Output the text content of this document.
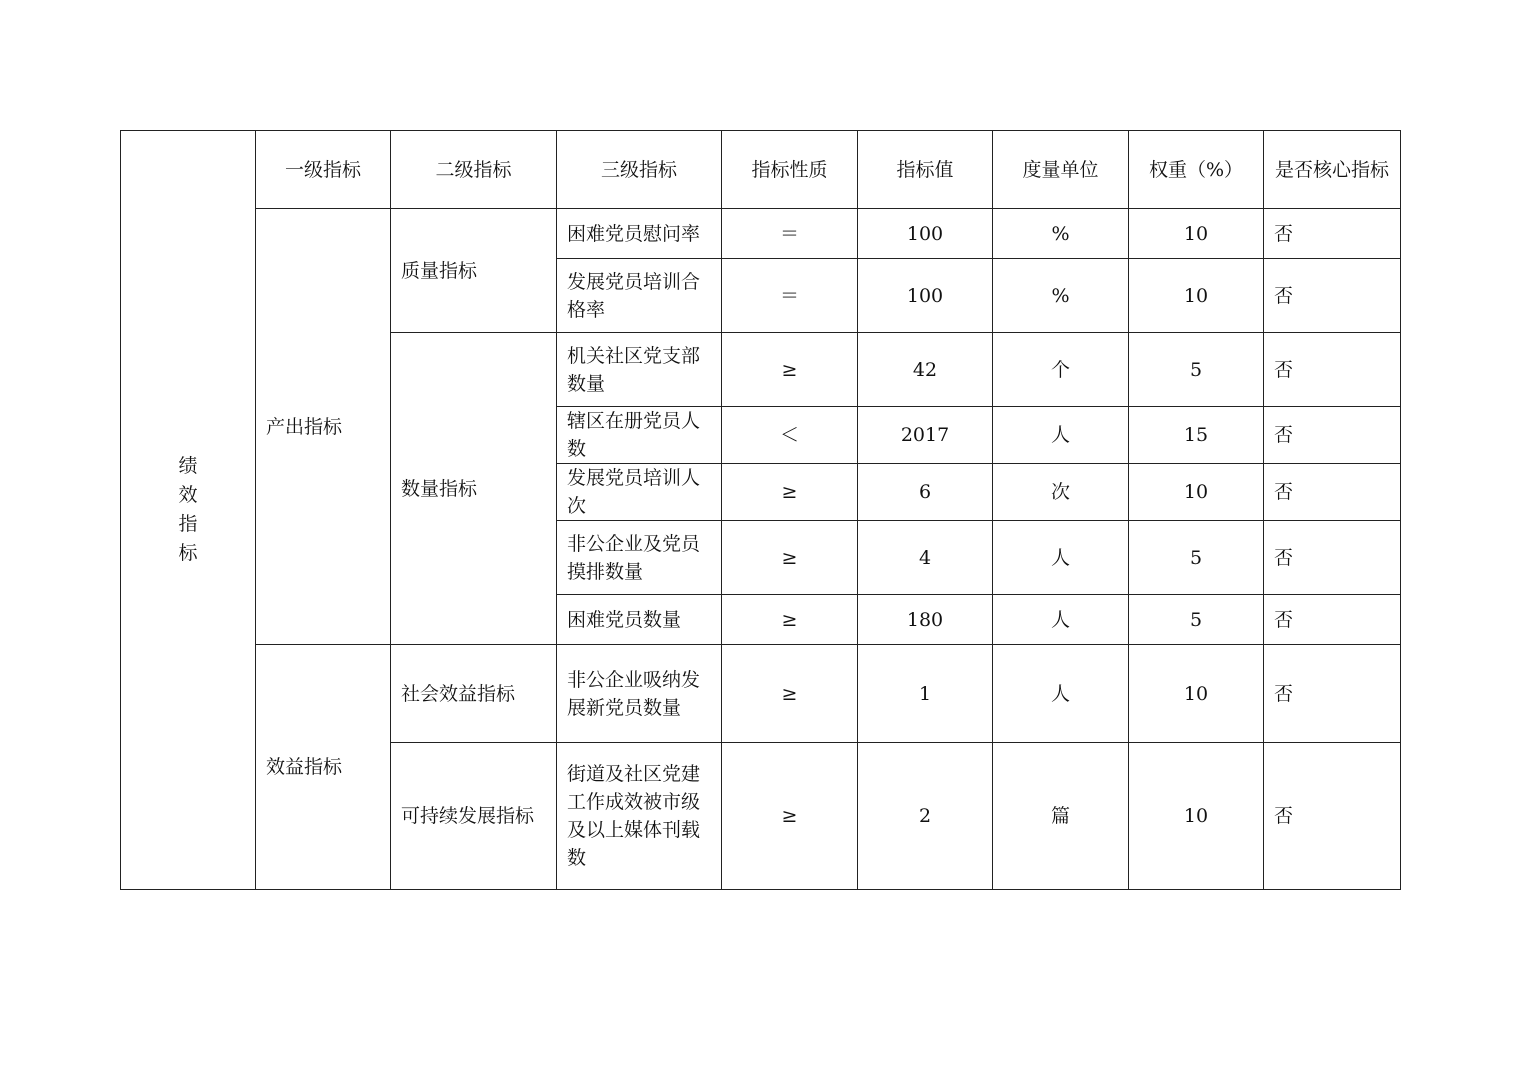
绩效指标	一级指标	二级指标	三级指标	指标性质	指标值	度量单位	权重（%）	是否核心指标
	产出指标	质量指标	困难党员慰问率	＝	100	%	10	否
			发展党员培训合格率	＝	100	%	10	否
		数量指标	机关社区党支部数量	≥	42	个	5	否
			辖区在册党员人数	＜	2017	人	15	否
			发展党员培训人次	≥	6	次	10	否
			非公企业及党员摸排数量	≥	4	人	5	否
			困难党员数量	≥	180	人	5	否
	效益指标	社会效益指标	非公企业吸纳发展新党员数量	≥	1	人	10	否
		可持续发展指标	街道及社区党建工作成效被市级及以上媒体刊载数	≥	2	篇	10	否
